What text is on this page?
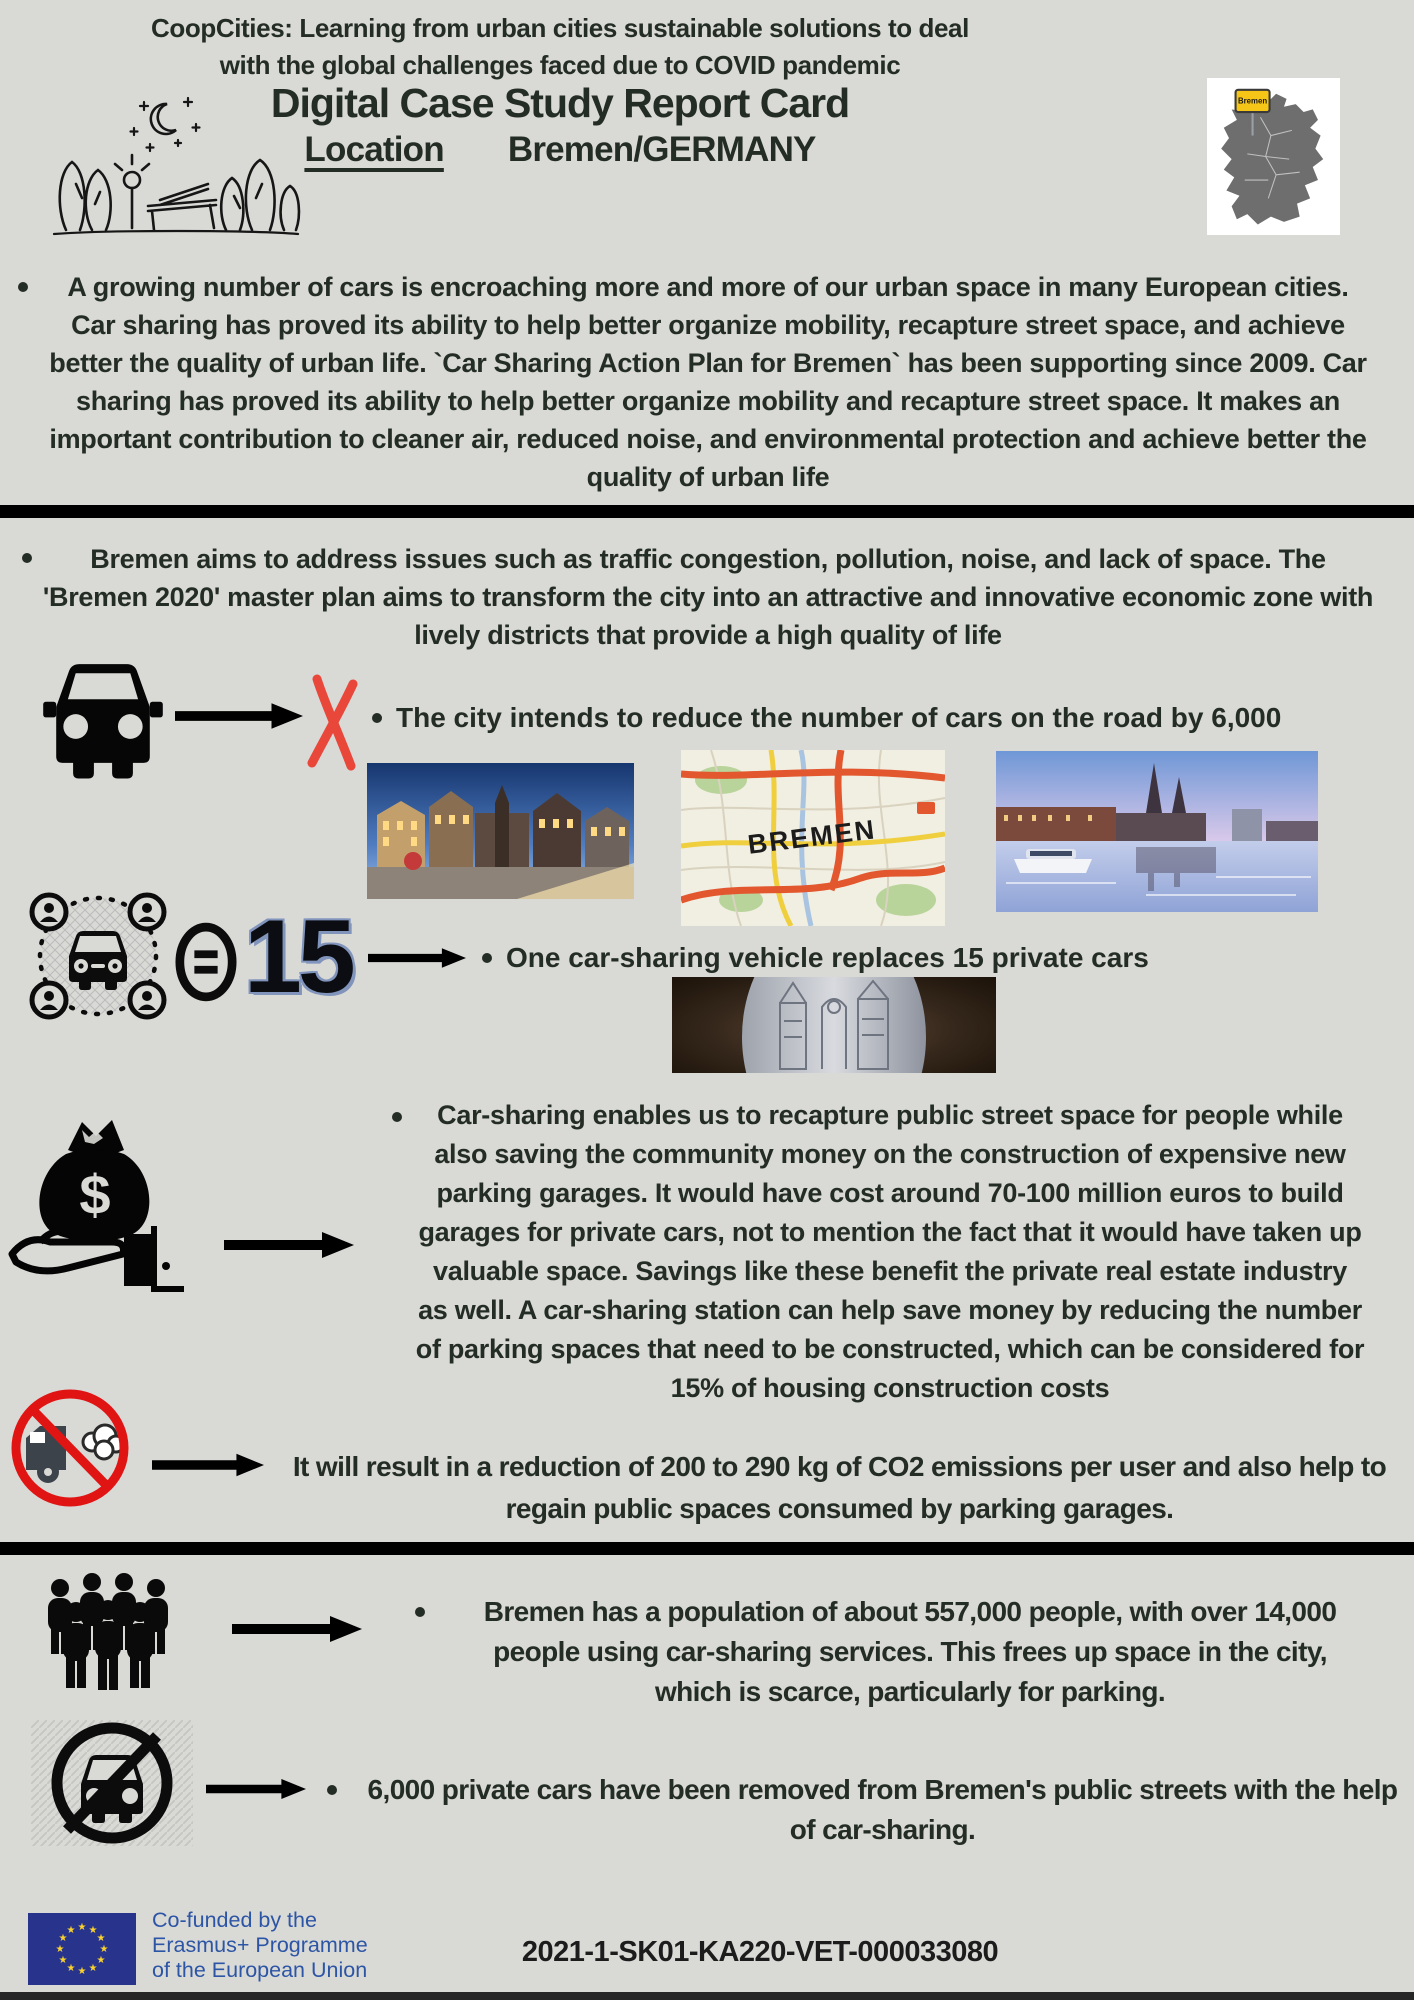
CoopCities: Learning from urban cities sustainable solutions to deal
with the global challenges faced due to COVID pandemic
Digital Case Study Report Card
Location Bremen/GERMANY
Bremen
A growing number of cars is encroaching more and more of our urban space in many European cities. Car sharing has proved its ability to help better organize mobility, recapture street space, and achieve better the quality of urban life. `Car Sharing Action Plan for Bremen` has been supporting since 2009. Car sharing has proved its ability to help better organize mobility and recapture street space. It makes an important contribution to cleaner air, reduced noise, and environmental protection and achieve better the quality of urban life
Bremen aims to address issues such as traffic congestion, pollution, noise, and lack of space. The 'Bremen 2020' master plan aims to transform the city into an attractive and innovative economic zone with lively districts that provide a high quality of life
The city intends to reduce the number of cars on the road by 6,000
BREMEN
15	One car-sharing vehicle replaces 15 private cars
$
Car-sharing enables us to recapture public street space for people while also saving the community money on the construction of expensive new parking garages. It would have cost around 70-100 million euros to build garages for private cars, not to mention the fact that it would have taken up valuable space. Savings like these benefit the private real estate industry as well. A car-sharing station can help save money by reducing the number of parking spaces that need to be constructed, which can be considered for 15% of housing construction costs
It will result in a reduction of 200 to 290 kg of CO2 emissions per user and also help to regain public spaces consumed by parking garages.
Bremen has a population of about 557,000 people, with over 14,000 people using car-sharing services. This frees up space in the city, which is scarce, particularly for parking.
6,000 private cars have been removed from Bremen's public streets with the help of car-sharing.
★ ★
★
★
★
★
★
★
★
★
★
★	Co-funded by the
Erasmus+ Programme
of the European Union
2021-1-SK01-KA220-VET-000033080
